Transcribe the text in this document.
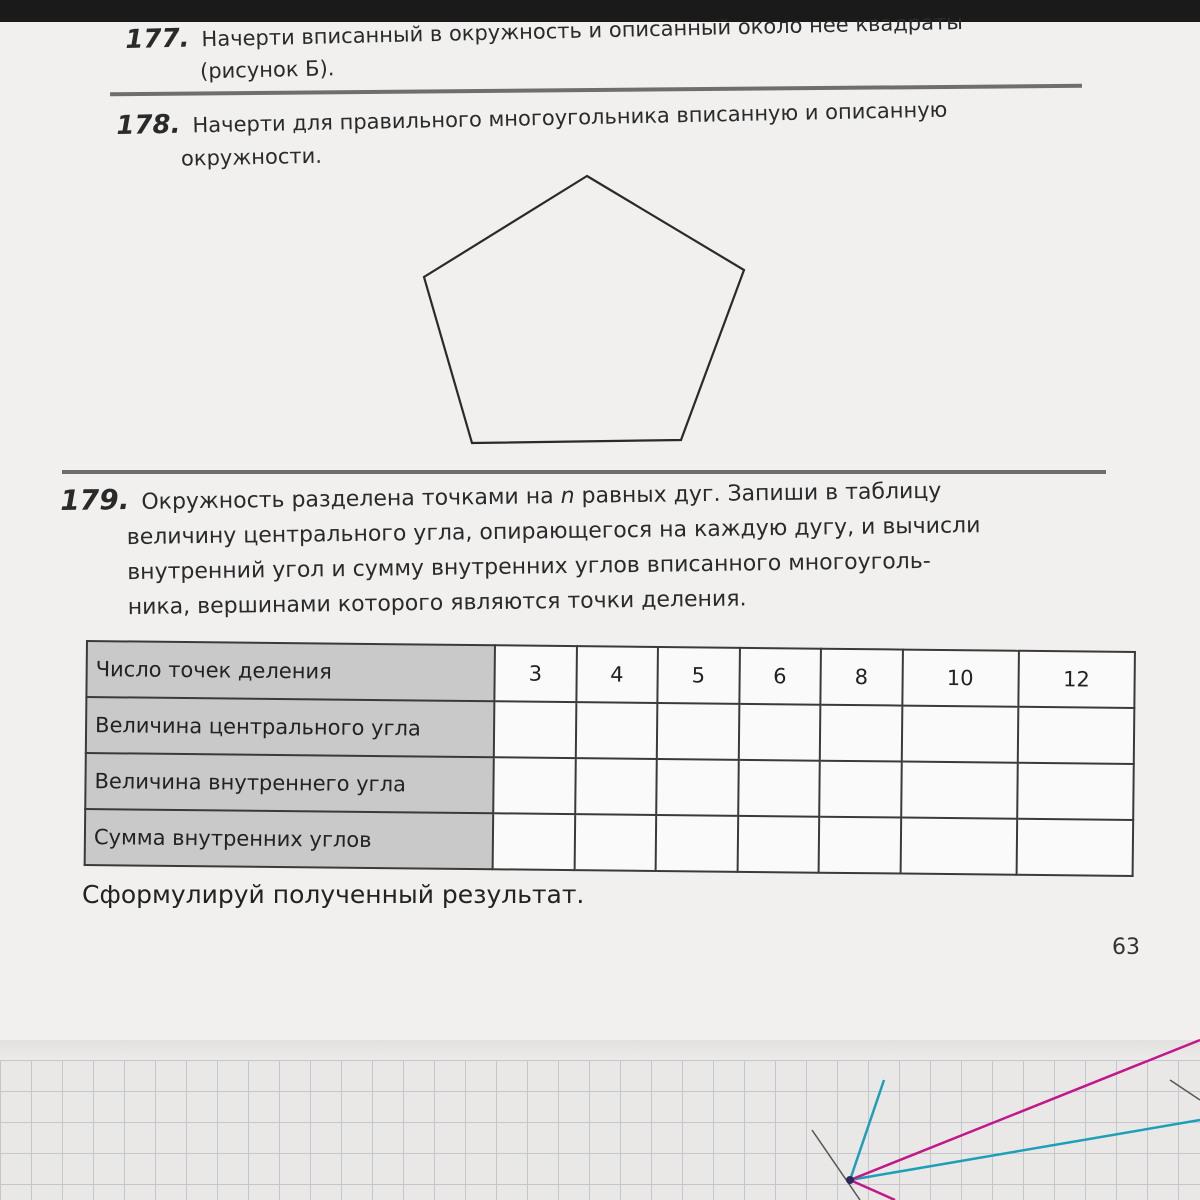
177. Начерти вписанный в окружность и описанный около нее квадраты
(рисунок Б).
178. Начерти для правильного многоугольника вписанную и описанную
окружности.
179. Окружность разделена точками на n равных дуг. Запиши в таблицу
величину центрального угла, опирающегося на каждую дугу, и вычисли
внутренний угол и сумму внутренних углов вписанного многоуголь-
ника, вершинами которого являются точки деления.
Число точек деления	3	4	5	6	8	10	12
Величина центрального угла							
Величина внутреннего угла							
Сумма внутренних углов							
Сформулируй полученный результат.
63
